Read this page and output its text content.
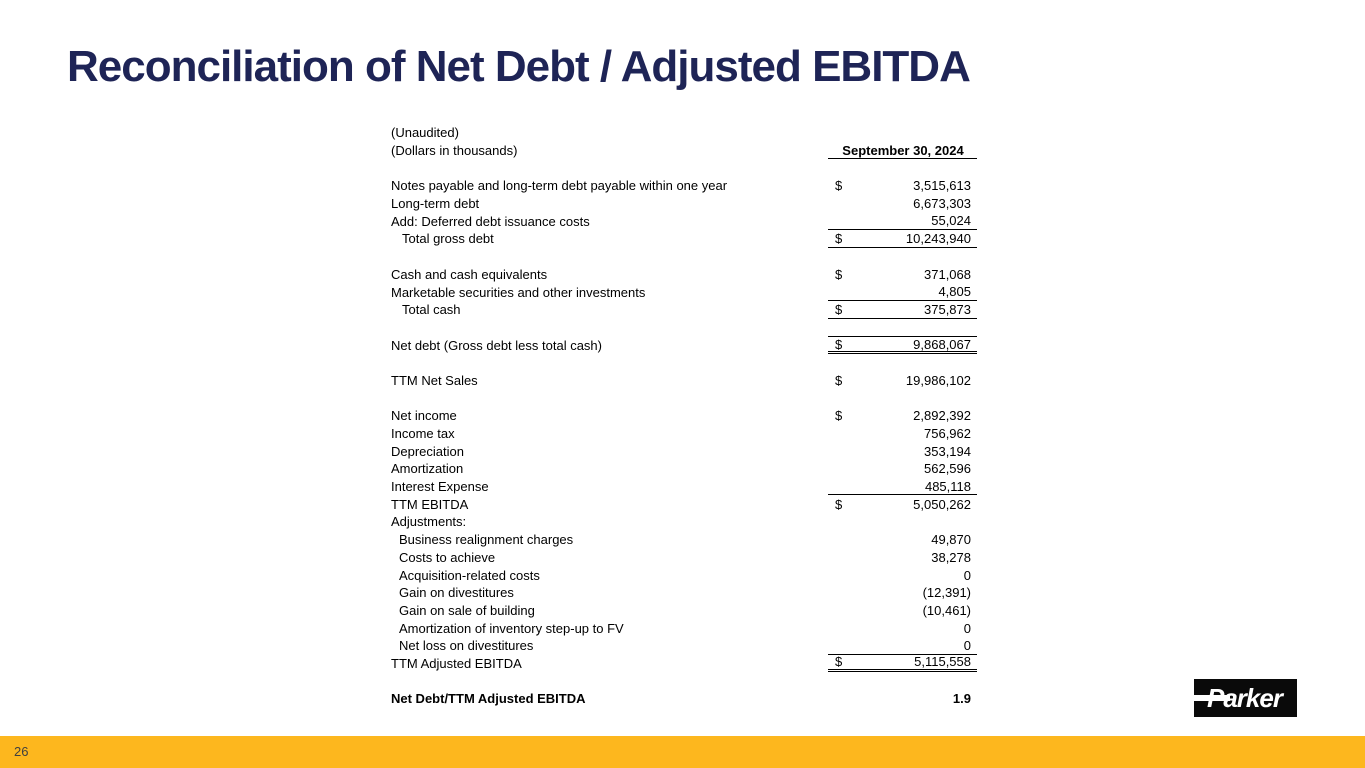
Reconciliation of Net Debt / Adjusted EBITDA
(Unaudited)
(Dollars in thousands)	September 30, 2024
Notes payable and long-term debt payable within one year	$	3,515,613
Long-term debt	6,673,303
Add: Deferred debt issuance costs	55,024
Total gross debt	$	10,243,940
Cash and cash equivalents	$	371,068
Marketable securities and other investments	4,805
Total cash	$	375,873
Net debt (Gross debt less total cash)	$	9,868,067
TTM Net Sales	$	19,986,102
Net income	$	2,892,392
Income tax	756,962
Depreciation	353,194
Amortization	562,596
Interest Expense	485,118
TTM EBITDA	$	5,050,262
Adjustments:
Business realignment charges	49,870
Costs to achieve	38,278
Acquisition-related costs	0
Gain on divestitures	(12,391)
Gain on sale of building	(10,461)
Amortization of inventory step-up to FV	0
Net loss on divestitures	0
TTM Adjusted EBITDA	$	5,115,558
Net Debt/TTM Adjusted EBITDA	1.9	Parker
26
